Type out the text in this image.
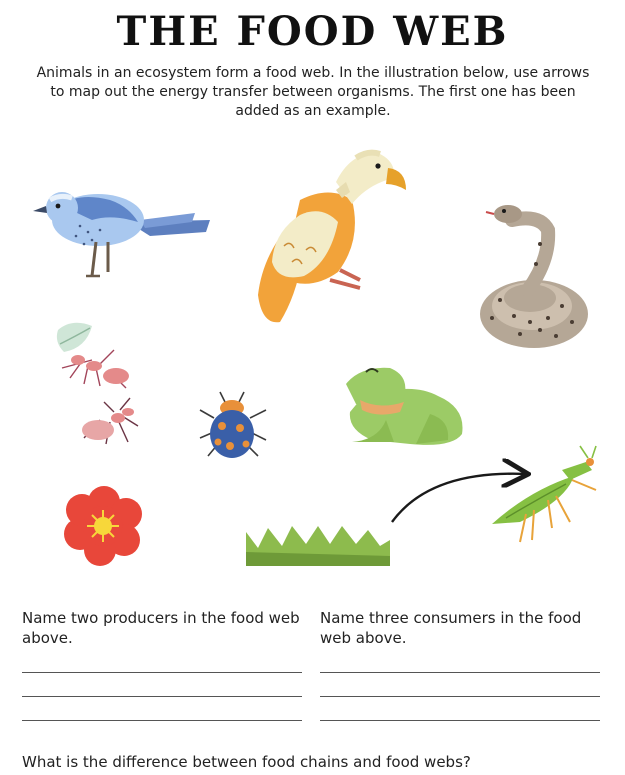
THE FOOD WEB
Animals in an ecosystem form a food web. In the illustration below, use arrows to map out the energy transfer between organisms. The first one has been added as an example.
Name two producers in the food web above.
Name three consumers in the food web above.
What is the difference between food chains and food webs?
